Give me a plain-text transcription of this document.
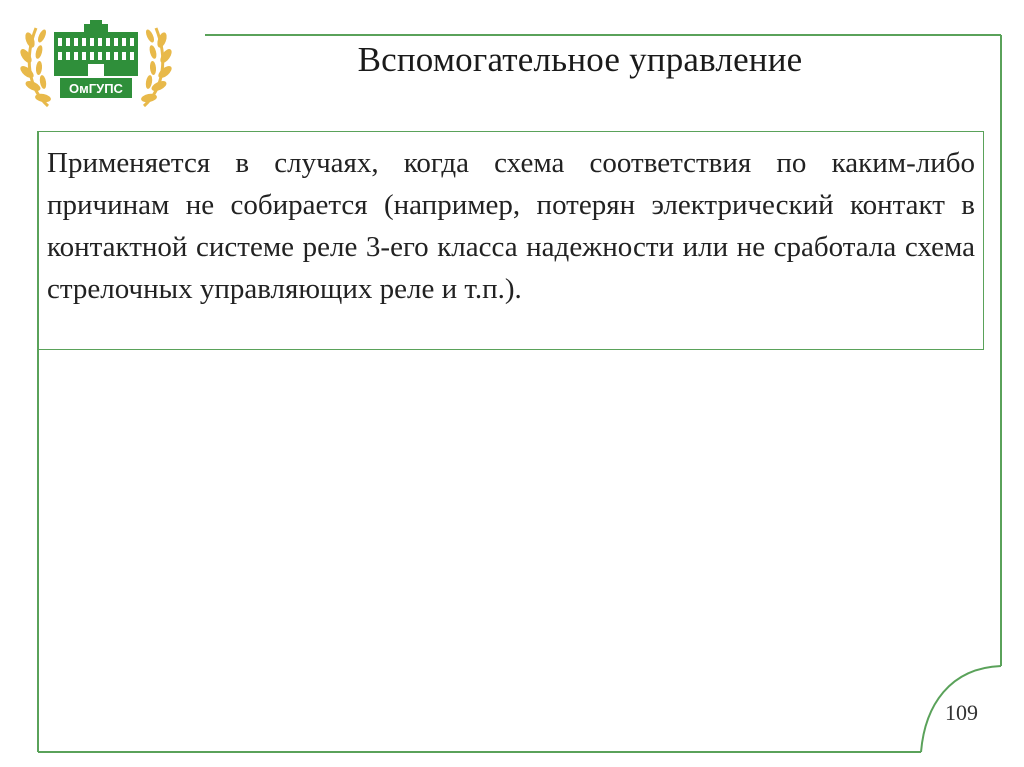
ОмГУПС
Вспомогательное управление
Применяется в случаях, когда схема соответствия по каким-либо причинам не собирается (например, потерян электрический контакт в контактной системе реле 3-его класса надежности или не сработала схема стрелочных управляющих реле и т.п.).
109
